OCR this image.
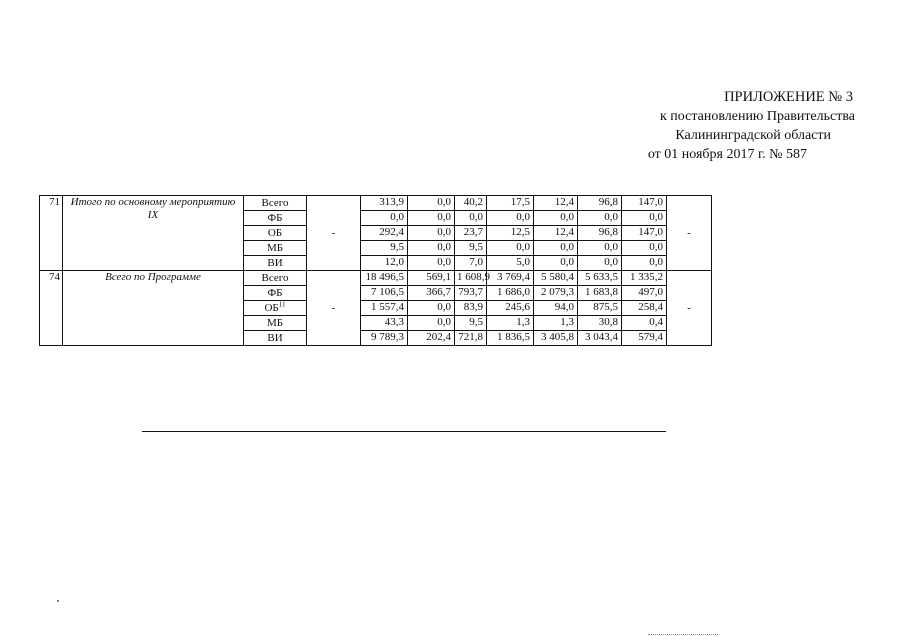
ПРИЛОЖЕНИЕ № 3
к постановлению Правительства
Калининградской области
от 01 ноября 2017 г. № 587
71	Итого по основному мероприятию IX	Всего	-	313,9	0,0	40,2	17,5	12,4	96,8	147,0	-
		ФБ		0,0	0,0	0,0	0,0	0,0	0,0	0,0	
		ОБ		292,4	0,0	23,7	12,5	12,4	96,8	147,0	
		МБ		9,5	0,0	9,5	0,0	0,0	0,0	0,0	
		ВИ		12,0	0,0	7,0	5,0	0,0	0,0	0,0	
74	Всего по Программе	Всего	-	18 496,5	569,1	1 608,9	3 769,4	5 580,4	5 633,5	1 335,2	-
		ФБ		7 106,5	366,7	793,7	1 686,0	2 079,3	1 683,8	497,0	
		ОБ$^{11}$		1 557,4	0,0	83,9	245,6	94,0	875,5	258,4	
		МБ		43,3	0,0	9,5	1,3	1,3	30,8	0,4	
		ВИ		9 789,3	202,4	721,8	1 836,5	3 405,8	3 043,4	579,4	
